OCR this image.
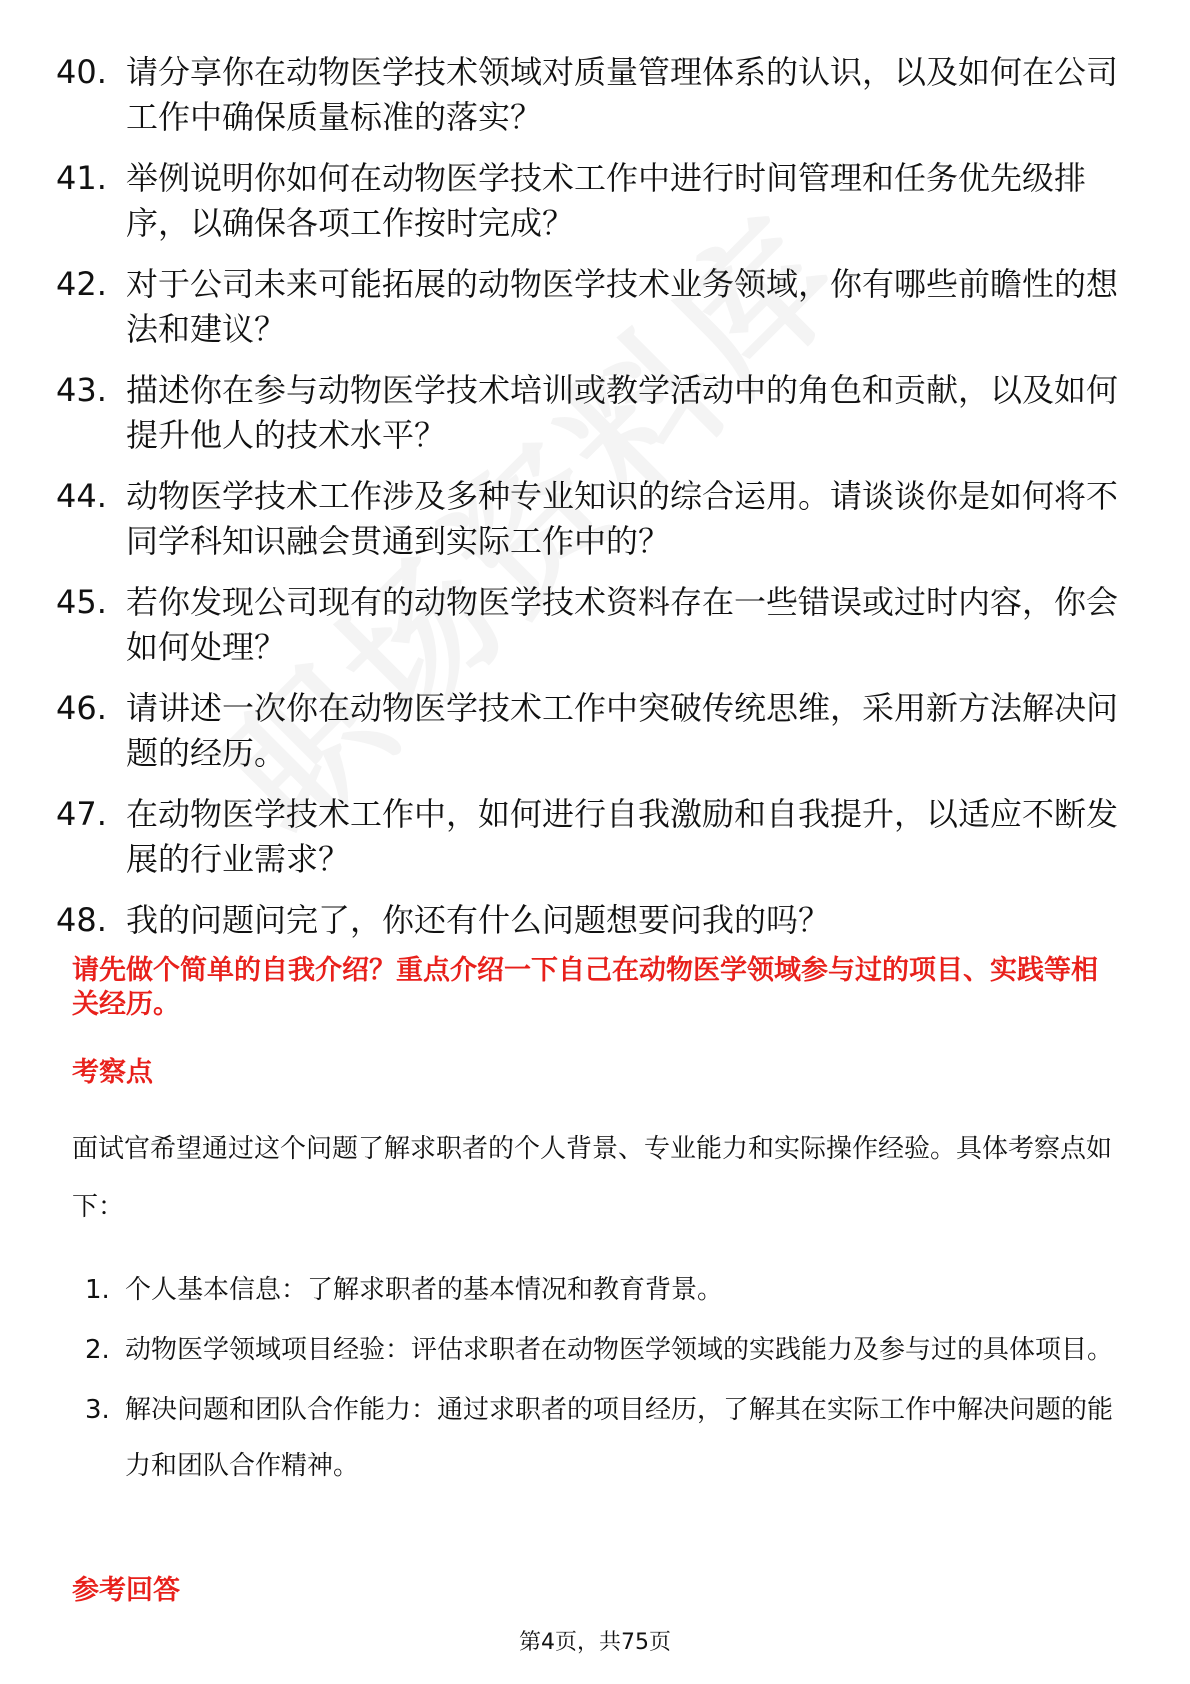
40. 请分享你在动物医学技术领域对质量管理体系的认识，以及如何在公司工作中确保质量标准的落实？
41. 举例说明你如何在动物医学技术工作中进行时间管理和任务优先级排序，以确保各项工作按时完成？
42. 对于公司未来可能拓展的动物医学技术业务领域，你有哪些前瞻性的想法和建议？
43. 描述你在参与动物医学技术培训或教学活动中的角色和贡献，以及如何提升他人的技术水平？
44. 动物医学技术工作涉及多种专业知识的综合运用。请谈谈你是如何将不同学科知识融会贯通到实际工作中的？
45. 若你发现公司现有的动物医学技术资料存在一些错误或过时内容，你会如何处理？
46. 请讲述一次你在动物医学技术工作中突破传统思维，采用新方法解决问题的经历。
47. 在动物医学技术工作中，如何进行自我激励和自我提升，以适应不断发展的行业需求？
48. 我的问题问完了，你还有什么问题想要问我的吗？
请先做个简单的自我介绍？重点介绍一下自己在动物医学领域参与过的项目、实践等相关经历。
考察点
面试官希望通过这个问题了解求职者的个人背景、专业能力和实际操作经验。具体考察点如下：
1. 个人基本信息：了解求职者的基本情况和教育背景。
2. 动物医学领域项目经验：评估求职者在动物医学领域的实践能力及参与过的具体项目。
3. 解决问题和团队合作能力：通过求职者的项目经历，了解其在实际工作中解决问题的能力和团队合作精神。
参考回答
第4页，共75页
